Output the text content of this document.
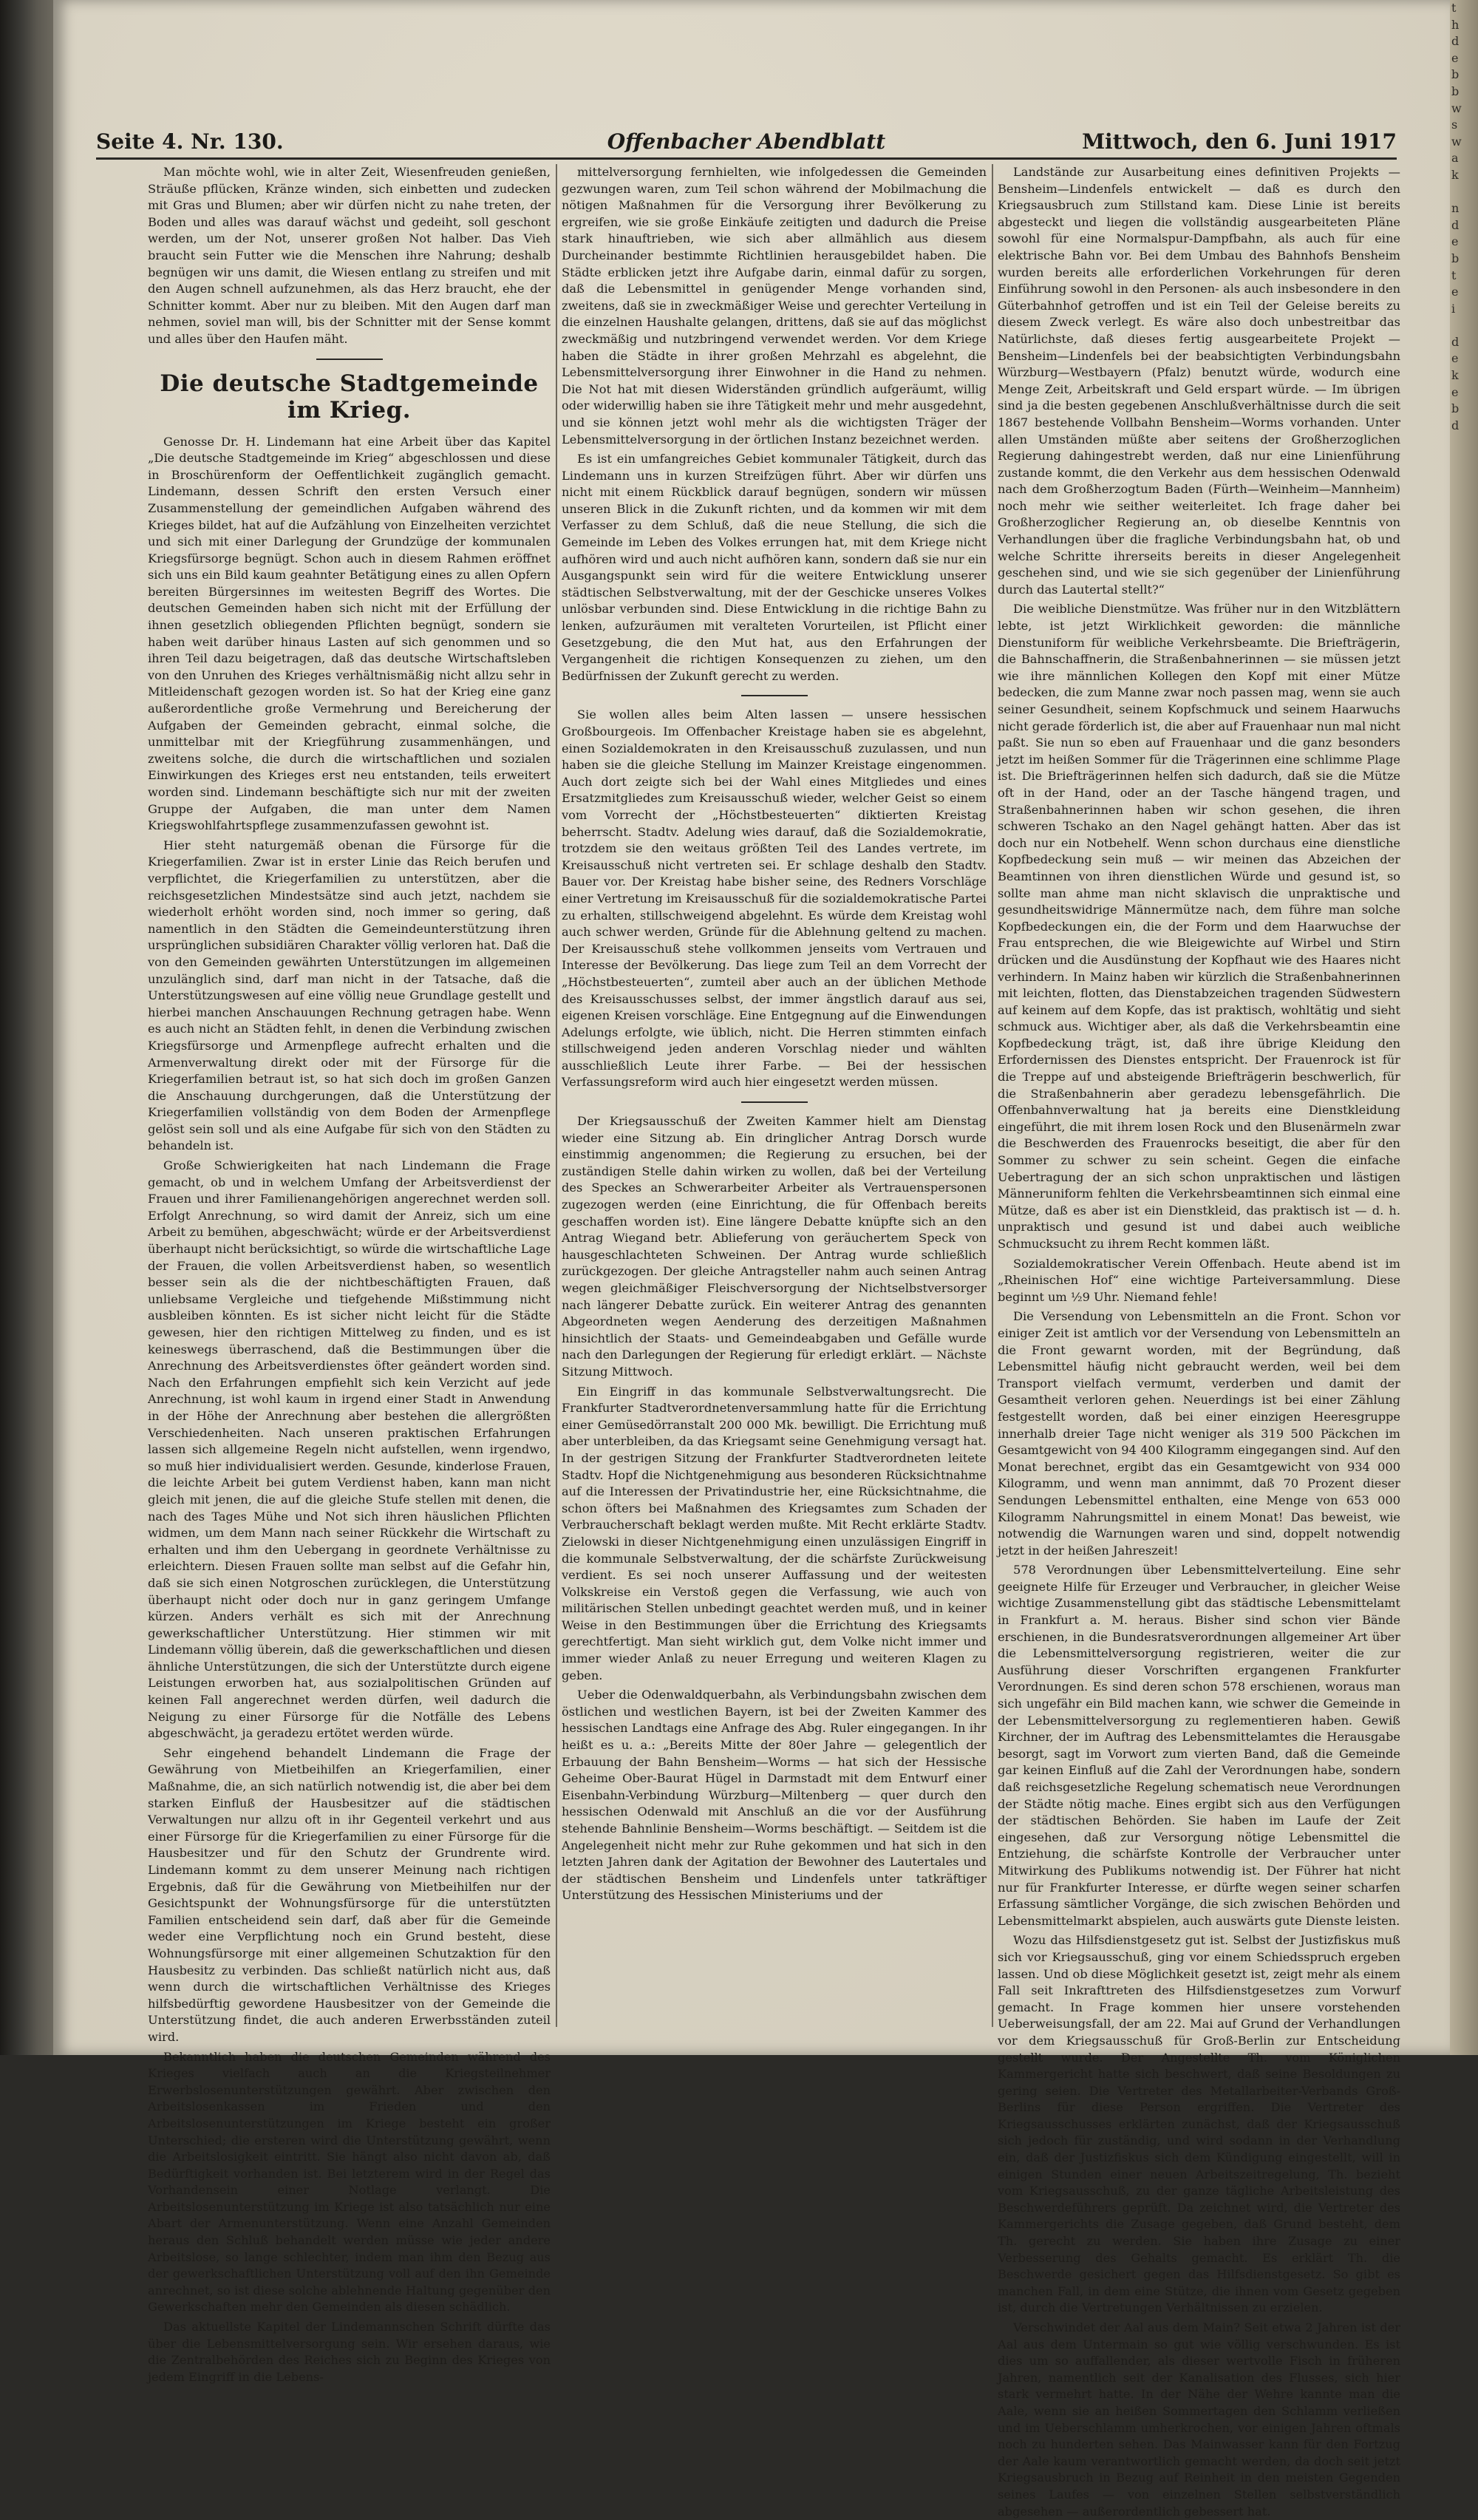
Seite 4. Nr. 130.	Offenbacher Abendblatt	Mittwoch, den 6. Juni 1917

Man möchte wohl, wie in alter Zeit, Wiesenfreuden genießen, Sträuße pflücken, Kränze winden, sich einbetten und zudecken mit Gras und Blumen; aber wir dürfen nicht zu nahe treten, der Boden und alles was darauf wächst und gedeiht, soll geschont werden, um der Not, unserer großen Not halber. Das Vieh braucht sein Futter wie die Menschen ihre Nahrung; deshalb begnügen wir uns damit, die Wiesen entlang zu streifen und mit den Augen schnell aufzunehmen, als das Herz braucht, ehe der Schnitter kommt. Aber nur zu bleiben. Mit den Augen darf man nehmen, soviel man will, bis der Schnitter mit der Sense kommt und alles über den Haufen mäht.

Die deutsche Stadtgemeinde im Krieg.

Genosse Dr. H. Lindemann hat eine Arbeit über das Kapitel „Die deutsche Stadtgemeinde im Krieg“ abgeschlossen und diese in Broschürenform der Oeffentlichkeit zugänglich gemacht. Lindemann, dessen Schrift den ersten Versuch einer Zusammenstellung der gemeindlichen Aufgaben während des Krieges bildet, hat auf die Aufzählung von Einzelheiten verzichtet und sich mit einer Darlegung der Grundzüge der kommunalen Kriegsfürsorge begnügt. Schon auch in diesem Rahmen eröffnet sich uns ein Bild kaum geahnter Betätigung eines zu allen Opfern bereiten Bürgersinnes im weitesten Begriff des Wortes. Die deutschen Gemeinden haben sich nicht mit der Erfüllung der ihnen gesetzlich obliegenden Pflichten begnügt, sondern sie haben weit darüber hinaus Lasten auf sich genommen und so ihren Teil dazu beigetragen, daß das deutsche Wirtschaftsleben von den Unruhen des Krieges verhältnismäßig nicht allzu sehr in Mitleidenschaft gezogen worden ist. So hat der Krieg eine ganz außerordentliche große Vermehrung und Bereicherung der Aufgaben der Gemeinden gebracht, einmal solche, die unmittelbar mit der Kriegführung zusammenhängen, und zweitens solche, die durch die wirtschaftlichen und sozialen Einwirkungen des Krieges erst neu entstanden, teils erweitert worden sind. Lindemann beschäftigte sich nur mit der zweiten Gruppe der Aufgaben, die man unter dem Namen Kriegswohlfahrtspflege zusammenzufassen gewohnt ist.

Hier steht naturgemäß obenan die Fürsorge für die Kriegerfamilien. Zwar ist in erster Linie das Reich berufen und verpflichtet, die Kriegerfamilien zu unterstützen, aber die reichsgesetzlichen Mindestsätze sind auch jetzt, nachdem sie wiederholt erhöht worden sind, noch immer so gering, daß namentlich in den Städten die Gemeindeunterstützung ihren ursprünglichen subsidiären Charakter völlig verloren hat. Daß die von den Gemeinden gewährten Unterstützungen im allgemeinen unzulänglich sind, darf man nicht in der Tatsache, daß die Unterstützungswesen auf eine völlig neue Grundlage gestellt und hierbei manchen Anschauungen Rechnung getragen habe. Wenn es auch nicht an Städten fehlt, in denen die Verbindung zwischen Kriegsfürsorge und Armenpflege aufrecht erhalten und die Armenverwaltung direkt oder mit der Fürsorge für die Kriegerfamilien betraut ist, so hat sich doch im großen Ganzen die Anschauung durchgerungen, daß die Unterstützung der Kriegerfamilien vollständig von dem Boden der Armenpflege gelöst sein soll und als eine Aufgabe für sich von den Städten zu behandeln ist.

Große Schwierigkeiten hat nach Lindemann die Frage gemacht, ob und in welchem Umfang der Arbeitsverdienst der Frauen und ihrer Familienangehörigen angerechnet werden soll. Erfolgt Anrechnung, so wird damit der Anreiz, sich um eine Arbeit zu bemühen, abgeschwächt; würde er der Arbeitsverdienst überhaupt nicht berücksichtigt, so würde die wirtschaftliche Lage der Frauen, die vollen Arbeitsverdienst haben, so wesentlich besser sein als die der nichtbeschäftigten Frauen, daß unliebsame Vergleiche und tiefgehende Mißstimmung nicht ausbleiben könnten. Es ist sicher nicht leicht für die Städte gewesen, hier den richtigen Mittelweg zu finden, und es ist keineswegs überraschend, daß die Bestimmungen über die Anrechnung des Arbeitsverdienstes öfter geändert worden sind. Nach den Erfahrungen empfiehlt sich kein Verzicht auf jede Anrechnung, ist wohl kaum in irgend einer Stadt in Anwendung in der Höhe der Anrechnung aber bestehen die allergrößten Verschiedenheiten. Nach unseren praktischen Erfahrungen lassen sich allgemeine Regeln nicht aufstellen, wenn irgendwo, so muß hier individualisiert werden. Gesunde, kinderlose Frauen, die leichte Arbeit bei gutem Verdienst haben, kann man nicht gleich mit jenen, die auf die gleiche Stufe stellen mit denen, die nach des Tages Mühe und Not sich ihren häuslichen Pflichten widmen, um dem Mann nach seiner Rückkehr die Wirtschaft zu erhalten und ihm den Uebergang in geordnete Verhältnisse zu erleichtern. Diesen Frauen sollte man selbst auf die Gefahr hin, daß sie sich einen Notgroschen zurücklegen, die Unterstützung überhaupt nicht oder doch nur in ganz geringem Umfange kürzen. Anders verhält es sich mit der Anrechnung gewerkschaftlicher Unterstützung. Hier stimmen wir mit Lindemann völlig überein, daß die gewerkschaftlichen und diesen ähnliche Unterstützungen, die sich der Unterstützte durch eigene Leistungen erworben hat, aus sozialpolitischen Gründen auf keinen Fall angerechnet werden dürfen, weil dadurch die Neigung zu einer Fürsorge für die Notfälle des Lebens abgeschwächt, ja geradezu ertötet werden würde.

Sehr eingehend behandelt Lindemann die Frage der Gewährung von Mietbeihilfen an Kriegerfamilien, einer Maßnahme, die, an sich natürlich notwendig ist, die aber bei dem starken Einfluß der Hausbesitzer auf die städtischen Verwaltungen nur allzu oft in ihr Gegenteil verkehrt und aus einer Fürsorge für die Kriegerfamilien zu einer Fürsorge für die Hausbesitzer und für den Schutz der Grundrente wird. Lindemann kommt zu dem unserer Meinung nach richtigen Ergebnis, daß für die Gewährung von Mietbeihilfen nur der Gesichtspunkt der Wohnungsfürsorge für die unterstützten Familien entscheidend sein darf, daß aber für die Gemeinde weder eine Verpflichtung noch ein Grund besteht, diese Wohnungsfürsorge mit einer allgemeinen Schutzaktion für den Hausbesitz zu verbinden. Das schließt natürlich nicht aus, daß wenn durch die wirtschaftlichen Verhältnisse des Krieges hilfsbedürftig gewordene Hausbesitzer von der Gemeinde die Unterstützung findet, die auch anderen Erwerbsständen zuteil wird.

Bekanntlich haben die deutschen Gemeinden während des Krieges vielfach auch an die Kriegsteilnehmer Erwerbslosenunterstützungen gewährt. Aber zwischen den Arbeitslosenkassen im Frieden und den Arbeitslosenunterstützungen im Kriege besteht ein großer Unterschied; die ersteren wird die Unterstützung gewährt, wenn die Arbeitslosigkeit eintritt. Sie hängt also nicht davon ab, daß Bedürftigkeit vorhanden ist. Bei letzterem wird in der Regel das Vorhandensein einer Notlage verlangt. Die Arbeitslosenunterstützung im Kriege ist also tatsächlich nur eine Abart der Armenunterstützung. Wenn eine Anzahl Gemeinden heraus den Schluß behandelt werden müsse wie jeder andere Arbeitslose, so lange schlechter, indem man ihm den Bezug aus der gewerkschaftlichen Unterstützung voll auf den ihn Gemeinde anrechnet, so ist diese solche ablehnende Haltung gegenüber den Gewerkschaften mehr den Gemeinden als diesen schädlich.

Das aktuellste Kapitel der Lindemannschen Schrift dürfte das über die Lebensmittelversorgung sein. Wir ersehen daraus, wie die Zentralbehörden des Reiches sich zu Beginn des Krieges von jedem Eingriff in die Lebens-

mittelversorgung fernhielten, wie infolgedessen die Gemeinden gezwungen waren, zum Teil schon während der Mobilmachung die nötigen Maßnahmen für die Versorgung ihrer Bevölkerung zu ergreifen, wie sie große Einkäufe zeitigten und dadurch die Preise stark hinauftrieben, wie sich aber allmählich aus diesem Durcheinander bestimmte Richtlinien herausgebildet haben. Die Städte erblicken jetzt ihre Aufgabe darin, einmal dafür zu sorgen, daß die Lebensmittel in genügender Menge vorhanden sind, zweitens, daß sie in zweckmäßiger Weise und gerechter Verteilung in die einzelnen Haushalte gelangen, drittens, daß sie auf das möglichst zweckmäßig und nutzbringend verwendet werden. Vor dem Kriege haben die Städte in ihrer großen Mehrzahl es abgelehnt, die Lebensmittelversorgung ihrer Einwohner in die Hand zu nehmen. Die Not hat mit diesen Widerständen gründlich aufgeräumt, willig oder widerwillig haben sie ihre Tätigkeit mehr und mehr ausgedehnt, und sie können jetzt wohl mehr als die wichtigsten Träger der Lebensmittelversorgung in der örtlichen Instanz bezeichnet werden.

Es ist ein umfangreiches Gebiet kommunaler Tätigkeit, durch das Lindemann uns in kurzen Streifzügen führt. Aber wir dürfen uns nicht mit einem Rückblick darauf begnügen, sondern wir müssen unseren Blick in die Zukunft richten, und da kommen wir mit dem Verfasser zu dem Schluß, daß die neue Stellung, die sich die Gemeinde im Leben des Volkes errungen hat, mit dem Kriege nicht aufhören wird und auch nicht aufhören kann, sondern daß sie nur ein Ausgangspunkt sein wird für die weitere Entwicklung unserer städtischen Selbstverwaltung, mit der der Geschicke unseres Volkes unlösbar verbunden sind. Diese Entwicklung in die richtige Bahn zu lenken, aufzuräumen mit veralteten Vorurteilen, ist Pflicht einer Gesetzgebung, die den Mut hat, aus den Erfahrungen der Vergangenheit die richtigen Konsequenzen zu ziehen, um den Bedürfnissen der Zukunft gerecht zu werden.

Sie wollen alles beim Alten lassen — unsere hessischen Großbourgeois. Im Offenbacher Kreistage haben sie es abgelehnt, einen Sozialdemokraten in den Kreisausschuß zuzulassen, und nun haben sie die gleiche Stellung im Mainzer Kreistage eingenommen. Auch dort zeigte sich bei der Wahl eines Mitgliedes und eines Ersatzmitgliedes zum Kreisausschuß wieder, welcher Geist so einem vom Vorrecht der „Höchstbesteuerten“ diktierten Kreistag beherrscht. Stadtv. Adelung wies darauf, daß die Sozialdemokratie, trotzdem sie den weitaus größten Teil des Landes vertrete, im Kreisausschuß nicht vertreten sei. Er schlage deshalb den Stadtv. Bauer vor. Der Kreistag habe bisher seine, des Redners Vorschläge einer Vertretung im Kreisausschuß für die sozialdemokratische Partei zu erhalten, stillschweigend abgelehnt. Es würde dem Kreistag wohl auch schwer werden, Gründe für die Ablehnung geltend zu machen. Der Kreisausschuß stehe vollkommen jenseits vom Vertrauen und Interesse der Bevölkerung. Das liege zum Teil an dem Vorrecht der „Höchstbesteuerten“, zumteil aber auch an der üblichen Methode des Kreisausschusses selbst, der immer ängstlich darauf aus sei, eigenen Kreisen vorschläge. Eine Entgegnung auf die Einwendungen Adelungs erfolgte, wie üblich, nicht. Die Herren stimmten einfach stillschweigend jeden anderen Vorschlag nieder und wählten ausschließlich Leute ihrer Farbe. — Bei der hessischen Verfassungsreform wird auch hier eingesetzt werden müssen.

Der Kriegsausschuß der Zweiten Kammer hielt am Dienstag wieder eine Sitzung ab. Ein dringlicher Antrag Dorsch wurde einstimmig angenommen; die Regierung zu ersuchen, bei der zuständigen Stelle dahin wirken zu wollen, daß bei der Verteilung des Speckes an Schwerarbeiter Arbeiter als Vertrauenspersonen zugezogen werden (eine Einrichtung, die für Offenbach bereits geschaffen worden ist). Eine längere Debatte knüpfte sich an den Antrag Wiegand betr. Ablieferung von geräuchertem Speck von hausgeschlachteten Schweinen. Der Antrag wurde schließlich zurückgezogen. Der gleiche Antragsteller nahm auch seinen Antrag wegen gleichmäßiger Fleischversorgung der Nichtselbstversorger nach längerer Debatte zurück. Ein weiterer Antrag des genannten Abgeordneten wegen Aenderung des derzeitigen Maßnahmen hinsichtlich der Staats- und Gemeindeabgaben und Gefälle wurde nach den Darlegungen der Regierung für erledigt erklärt. — Nächste Sitzung Mittwoch.

Ein Eingriff in das kommunale Selbstverwaltungsrecht. Die Frankfurter Stadtverordnetenversammlung hatte für die Errichtung einer Gemüsedörranstalt 200 000 Mk. bewilligt. Die Errichtung muß aber unterbleiben, da das Kriegsamt seine Genehmigung versagt hat. In der gestrigen Sitzung der Frankfurter Stadtverordneten leitete Stadtv. Hopf die Nichtgenehmigung aus besonderen Rücksichtnahme auf die Interessen der Privatindustrie her, eine Rücksichtnahme, die schon öfters bei Maßnahmen des Kriegsamtes zum Schaden der Verbraucherschaft beklagt werden mußte. Mit Recht erklärte Stadtv. Zielowski in dieser Nichtgenehmigung einen unzulässigen Eingriff in die kommunale Selbstverwaltung, der die schärfste Zurückweisung verdient. Es sei noch unserer Auffassung und der weitesten Volkskreise ein Verstoß gegen die Verfassung, wie auch von militärischen Stellen unbedingt geachtet werden muß, und in keiner Weise in den Bestimmungen über die Errichtung des Kriegsamts gerechtfertigt. Man sieht wirklich gut, dem Volke nicht immer und immer wieder Anlaß zu neuer Erregung und weiteren Klagen zu geben.

Ueber die Odenwaldquerbahn, als Verbindungsbahn zwischen dem östlichen und westlichen Bayern, ist bei der Zweiten Kammer des hessischen Landtags eine Anfrage des Abg. Ruler eingegangen. In ihr heißt es u. a.: „Bereits Mitte der 80er Jahre — gelegentlich der Erbauung der Bahn Bensheim—Worms — hat sich der Hessische Geheime Ober-Baurat Hügel in Darmstadt mit dem Entwurf einer Eisenbahn-Verbindung Würzburg—Miltenberg — quer durch den hessischen Odenwald mit Anschluß an die vor der Ausführung stehende Bahnlinie Bensheim—Worms beschäftigt. — Seitdem ist die Angelegenheit nicht mehr zur Ruhe gekommen und hat sich in den letzten Jahren dank der Agitation der Bewohner des Lautertales und der städtischen Bensheim und Lindenfels unter tatkräftiger Unterstützung des Hessischen Ministeriums und der

Landstände zur Ausarbeitung eines definitiven Projekts — Bensheim—Lindenfels entwickelt — daß es durch den Kriegsausbruch zum Stillstand kam. Diese Linie ist bereits abgesteckt und liegen die vollständig ausgearbeiteten Pläne sowohl für eine Normalspur-Dampfbahn, als auch für eine elektrische Bahn vor. Bei dem Umbau des Bahnhofs Bensheim wurden bereits alle erforderlichen Vorkehrungen für deren Einführung sowohl in den Personen- als auch insbesondere in den Güterbahnhof getroffen und ist ein Teil der Geleise bereits zu diesem Zweck verlegt. Es wäre also doch unbestreitbar das Natürlichste, daß dieses fertig ausgearbeitete Projekt — Bensheim—Lindenfels bei der beabsichtigten Verbindungsbahn Würzburg—Westbayern (Pfalz) benutzt würde, wodurch eine Menge Zeit, Arbeitskraft und Geld erspart würde. — Im übrigen sind ja die besten gegebenen Anschlußverhältnisse durch die seit 1867 bestehende Vollbahn Bensheim—Worms vorhanden. Unter allen Umständen müßte aber seitens der Großherzoglichen Regierung dahingestrebt werden, daß nur eine Linienführung zustande kommt, die den Verkehr aus dem hessischen Odenwald nach dem Großherzogtum Baden (Fürth—Weinheim—Mannheim) noch mehr wie seither weiterleitet. Ich frage daher bei Großherzoglicher Regierung an, ob dieselbe Kenntnis von Verhandlungen über die fragliche Verbindungsbahn hat, ob und welche Schritte ihrerseits bereits in dieser Angelegenheit geschehen sind, und wie sie sich gegenüber der Linienführung durch das Lautertal stellt?“

Die weibliche Dienstmütze. Was früher nur in den Witzblättern lebte, ist jetzt Wirklichkeit geworden: die männliche Dienstuniform für weibliche Verkehrsbeamte. Die Briefträgerin, die Bahnschaffnerin, die Straßenbahnerinnen — sie müssen jetzt wie ihre männlichen Kollegen den Kopf mit einer Mütze bedecken, die zum Manne zwar noch passen mag, wenn sie auch seiner Gesundheit, seinem Kopfschmuck und seinem Haarwuchs nicht gerade förderlich ist, die aber auf Frauenhaar nun mal nicht paßt. Sie nun so eben auf Frauenhaar und die ganz besonders jetzt im heißen Sommer für die Trägerinnen eine schlimme Plage ist. Die Briefträgerinnen helfen sich dadurch, daß sie die Mütze oft in der Hand, oder an der Tasche hängend tragen, und Straßenbahnerinnen haben wir schon gesehen, die ihren schweren Tschako an den Nagel gehängt hatten. Aber das ist doch nur ein Notbehelf. Wenn schon durchaus eine dienstliche Kopfbedeckung sein muß — wir meinen das Abzeichen der Beamtinnen von ihren dienstlichen Würde und gesund ist, so sollte man ahme man nicht sklavisch die unpraktische und gesundheitswidrige Männermütze nach, dem führe man solche Kopfbedeckungen ein, die der Form und dem Haarwuchse der Frau entsprechen, die wie Bleigewichte auf Wirbel und Stirn drücken und die Ausdünstung der Kopfhaut wie des Haares nicht verhindern. In Mainz haben wir kürzlich die Straßenbahnerinnen mit leichten, flotten, das Dienstabzeichen tragenden Südwestern auf keinem auf dem Kopfe, das ist praktisch, wohltätig und sieht schmuck aus. Wichtiger aber, als daß die Verkehrsbeamtin eine Kopfbedeckung trägt, ist, daß ihre übrige Kleidung den Erfordernissen des Dienstes entspricht. Der Frauenrock ist für die Treppe auf und absteigende Briefträgerin beschwerlich, für die Straßenbahnerin aber geradezu lebensgefährlich. Die Offenbahnverwaltung hat ja bereits eine Dienstkleidung eingeführt, die mit ihrem losen Rock und den Blusenärmeln zwar die Beschwerden des Frauenrocks beseitigt, die aber für den Sommer zu schwer zu sein scheint. Gegen die einfache Uebertragung der an sich schon unpraktischen und lästigen Männeruniform fehlten die Verkehrsbeamtinnen sich einmal eine Mütze, daß es aber ist ein Dienstkleid, das praktisch ist — d. h. unpraktisch und gesund ist und dabei auch weibliche Schmucksucht zu ihrem Recht kommen läßt.

Sozialdemokratischer Verein Offenbach. Heute abend ist im „Rheinischen Hof“ eine wichtige Parteiversammlung. Diese beginnt um ½9 Uhr. Niemand fehle!

Die Versendung von Lebensmitteln an die Front. Schon vor einiger Zeit ist amtlich vor der Versendung von Lebensmitteln an die Front gewarnt worden, mit der Begründung, daß Lebensmittel häufig nicht gebraucht werden, weil bei dem Transport vielfach vermumt, verderben und damit der Gesamtheit verloren gehen. Neuerdings ist bei einer Zählung festgestellt worden, daß bei einer einzigen Heeresgruppe innerhalb dreier Tage nicht weniger als 319 500 Päckchen im Gesamtgewicht von 94 400 Kilogramm eingegangen sind. Auf den Monat berechnet, ergibt das ein Gesamtgewicht von 934 000 Kilogramm, und wenn man annimmt, daß 70 Prozent dieser Sendungen Lebensmittel enthalten, eine Menge von 653 000 Kilogramm Nahrungsmittel in einem Monat! Das beweist, wie notwendig die Warnungen waren und sind, doppelt notwendig jetzt in der heißen Jahreszeit!

578 Verordnungen über Lebensmittelverteilung. Eine sehr geeignete Hilfe für Erzeuger und Verbraucher, in gleicher Weise wichtige Zusammenstellung gibt das städtische Lebensmittelamt in Frankfurt a. M. heraus. Bisher sind schon vier Bände erschienen, in die Bundesratsverordnungen allgemeiner Art über die Lebensmittelversorgung registrieren, weiter die zur Ausführung dieser Vorschriften ergangenen Frankfurter Verordnungen. Es sind deren schon 578 erschienen, woraus man sich ungefähr ein Bild machen kann, wie schwer die Gemeinde in der Lebensmittelversorgung zu reglementieren haben. Gewiß Kirchner, der im Auftrag des Lebensmittelamtes die Herausgabe besorgt, sagt im Vorwort zum vierten Band, daß die Gemeinde gar keinen Einfluß auf die Zahl der Verordnungen habe, sondern daß reichsgesetzliche Regelung schematisch neue Verordnungen der Städte nötig mache. Eines ergibt sich aus den Verfügungen der städtischen Behörden. Sie haben im Laufe der Zeit eingesehen, daß zur Versorgung nötige Lebensmittel die Entziehung, die schärfste Kontrolle der Verbraucher unter Mitwirkung des Publikums notwendig ist. Der Führer hat nicht nur für Frankfurter Interesse, er dürfte wegen seiner scharfen Erfassung sämtlicher Vorgänge, die sich zwischen Behörden und Lebensmittelmarkt abspielen, auch auswärts gute Dienste leisten.

Wozu das Hilfsdienstgesetz gut ist. Selbst der Justizfiskus muß sich vor Kriegsausschuß, ging vor einem Schiedsspruch ergeben lassen. Und ob diese Möglichkeit gesetzt ist, zeigt mehr als einem Fall seit Inkrafttreten des Hilfsdienstgesetzes zum Vorwurf gemacht. In Frage kommen hier unsere vorstehenden Ueberweisungsfall, der am 22. Mai auf Grund der Verhandlungen vor dem Kriegsausschuß für Groß-Berlin zur Entscheidung gestellt wurde. Der Angestellte Th. vom Königlichen Kammergericht hatte sich beschwert, daß seine Besoldungen zu gering seien. Die Vertreter des Metallarbeiter-Verbands Groß-Berlins für diese Person ergriffen. Die Vertreter des Kriegsausschusses erklärten zunächst, daß der Kriegsausschuß sich jedoch für zuständig, und wird sodann in der Verhandlung ein, daß der Justizfiskus sich dem Kündigung eingestellt, will in einigen Stunden einer neuen Arbeitszeitregelung, Th. bezieht vom Kriegsausschuß, zu der ganze tägliche Arbeitsleistung des Beschwerdeführers geprüft. Da zeichnet wird, die Vertreter des Kammergerichts die Zusage gegeben, daß Grund besteht, dem Th. gerecht zu werden. Sie haben ihre Zusage zu einer Verbesserung des Gehalts gemacht. Es erklärt Th. die Beschwerde gesichert gegen das Hilfsdienstgesetz. So gibt es manchen Fall, in dem eine Stütze, die ihnen vom Gesetz gegeben ist, durch die Vertretungen Verhältnissen zu erzielen.

Verschwindet der Aal aus dem Main? Seit etwa 2 Jahren ist der Aal aus dem Untermain so gut wie völlig verschwunden. Es ist dies um so auffallender, als dieser wertvolle Fisch in früheren Jahren, namentlich seit der Kanalisation des Flusses, sich hier stark vermehrt hatte. In der Nähe der Wehre kannte man die Aale, wenn sie an heißen Sommertagen den Schlamm verließen und im Ueberschlamm umherkrochen, vor einigen Jahren oftmals noch zu hunderten sehen. Das Mainwasser kann für den Fortzug der Aale kaum verantwortlich gemacht werden, da doch seit jetzt Kriegsausbruch in Bezug auf Reinheit in den meisten Gegenden seines Laufes — von einzelnen Stellen selbstverständlich abgesehen — außerordentlich gebessert hat.

t
h
d
e
b
b
w
s
w
a
k

n
d
e
b
t
e
i

d
e
k
e
b
d
